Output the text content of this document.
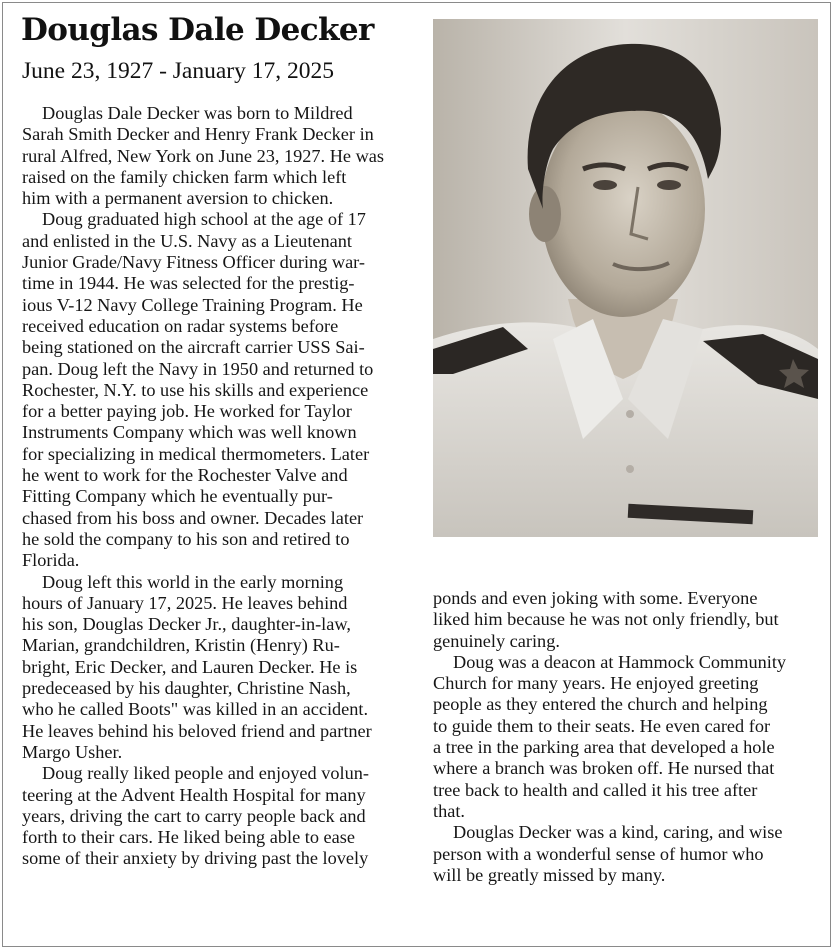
Douglas Dale Decker

June 23, 1927 - January 17, 2025

Douglas Dale Decker was born to Mildred
Sarah Smith Decker and Henry Frank Decker in
rural Alfred, New York on June 23, 1927. He was
raised on the family chicken farm which left
him with a permanent aversion to chicken.
Doug graduated high school at the age of 17
and enlisted in the U.S. Navy as a Lieutenant
Junior Grade/Navy Fitness Officer during war-
time in 1944. He was selected for the prestig-
ious V-12 Navy College Training Program. He
received education on radar systems before
being stationed on the aircraft carrier USS Sai-
pan. Doug left the Navy in 1950 and returned to
Rochester, N.Y. to use his skills and experience
for a better paying job. He worked for Taylor
Instruments Company which was well known
for specializing in medical thermometers. Later
he went to work for the Rochester Valve and
Fitting Company which he eventually pur-
chased from his boss and owner. Decades later
he sold the company to his son and retired to
Florida.
Doug left this world in the early morning
hours of January 17, 2025. He leaves behind
his son, Douglas Decker Jr., daughter-in-law,
Marian, grandchildren, Kristin (Henry) Ru-
bright, Eric Decker, and Lauren Decker. He is
predeceased by his daughter, Christine Nash,
who he called Boots" was killed in an accident.
He leaves behind his beloved friend and partner
Margo Usher.
Doug really liked people and enjoyed volun-
teering at the Advent Health Hospital for many
years, driving the cart to carry people back and
forth to their cars. He liked being able to ease
some of their anxiety by driving past the lovely
ponds and even joking with some. Everyone
liked him because he was not only friendly, but
genuinely caring.
Doug was a deacon at Hammock Community
Church for many years. He enjoyed greeting
people as they entered the church and helping
to guide them to their seats. He even cared for
a tree in the parking area that developed a hole
where a branch was broken off. He nursed that
tree back to health and called it his tree after
that.
Douglas Decker was a kind, caring, and wise
person with a wonderful sense of humor who
will be greatly missed by many.
